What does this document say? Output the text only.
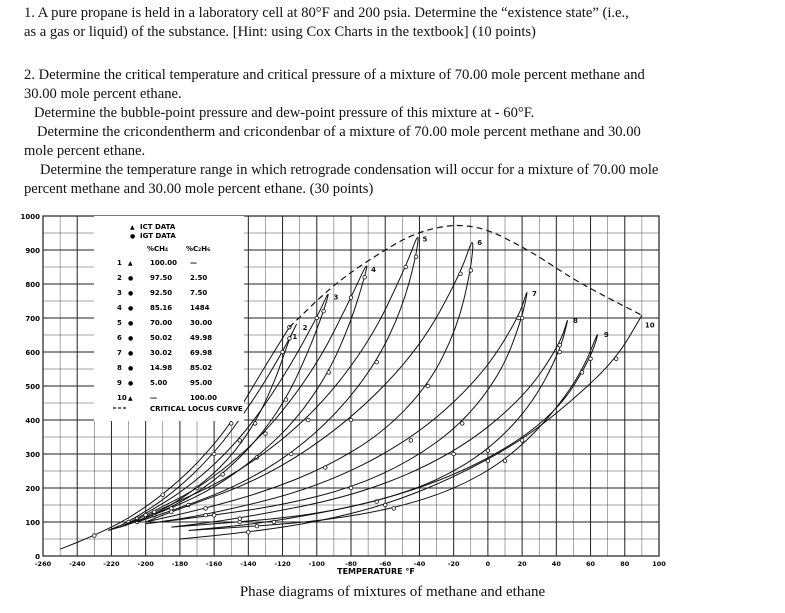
1. A pure propane is held in a laboratory cell at 80°F and 200 psia. Determine the “existence state” (i.e.,

as a gas or liquid) of the substance. [Hint: using Cox Charts in the textbook] (10 points)

2. Determine the critical temperature and critical pressure of a mixture of 70.00 mole percent methane and

30.00 mole percent ethane.

Determine the bubble-point pressure and dew-point pressure of this mixture at - 60°F.

Determine the cricondentherm and cricondenbar of a mixture of 70.00 mole percent methane and 30.00

mole percent ethane.

Determine the temperature range in which retrograde condensation will occur for a mixture of 70.00 mole

percent methane and 30.00 mole percent ethane. (30 points)

0
100
200
300
400
500
600
700
800
900
1000
-260	-240	-220	-200	-180	-160	-140	-120	-100	-80	-60	-40	-20	0	20	40	60	80	100
1
2
3
4
5	6
7
8
9
10
ICT DATA
IGT DATA
%CH₄	%C₂H₆
1 ▲ 100.00 —
2 ● 97.50	2.50
3 ● 92.50	7.50
4 ● 85.16	1484
5 ● 70.00	30.00
6 ● 50.02	49.98
7 ● 30.02	69.98
8 ● 14.98	85.02
9 ● 5.00	95.00
10 ▲ —	100.00
CRITICAL LOCUS CURVE
▲
●
TEMPERATURE °F
Phase diagrams of mixtures of methane and ethane
